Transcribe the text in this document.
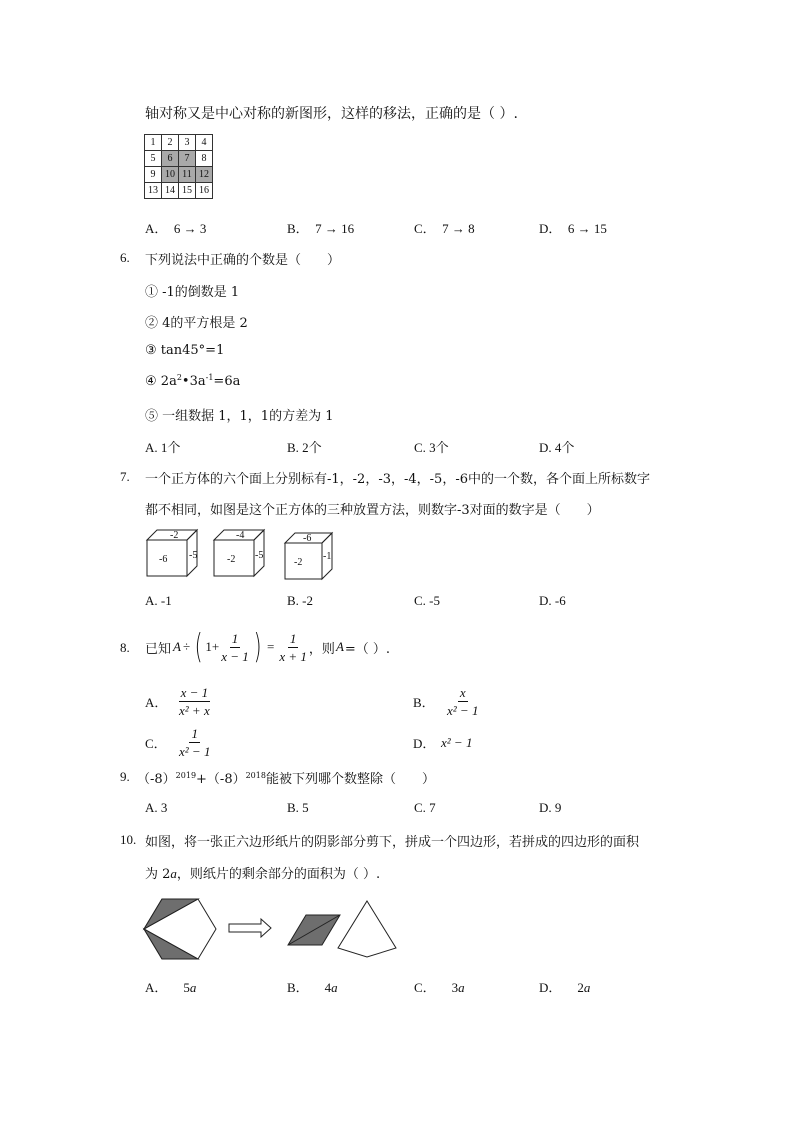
轴对称又是中心对称的新图形，这样的移法，正确的是（ ）.
1	2	3	4
5	6	7	8
9	10	11	12
13	14	15	16
A．　6 → 3	B．　7 → 16	C．　7 → 8	D．　6 → 15
6. 下列说法中正确的个数是（　　）
① -1的倒数是 1
② 4的平方根是 2
③ tan45°=1
④ $2a^2•3a^{-1}=6a$
⑤ 一组数据 1，1，1的方差为 1
A. 1个	B. 2个	C. 3个	D. 4个
7. 一个正方体的六个面上分别标有-1，-2，-3，-4，-5，-6中的一个数，各个面上所标数字
都不相同，如图是这个正方体的三种放置方法，则数字-3对面的数字是（　　）
-2
-6 -5
-4
-2 -5
-6
-2
-1
A. -1	B. -2	C. -5	D. -6
8. 已知 A ÷ ( $1+ \frac{1}{x - 1}$ ) = $\frac{1}{x + 1}$ ，则 A =（ ）.
A． $\frac{x - 1}{\text{x² + x}}$	B． $\frac{x}{\text{x² − 1}}$
C． $\frac{1}{\text{x² − 1}}$	D． x² − 1
9. $(-8)^{2019}+(-8)^{2018}$能被下列哪个数整除（　　）
A. 3	B. 5	C. 7	D. 9
10. 如图，将一张正六边形纸片的阴影部分剪下，拼成一个四边形，若拼成的四边形的面积
为 2a，则纸片的剩余部分的面积为（ ）.
A． 5a	B． 4a	C． 3a	D． 2a
